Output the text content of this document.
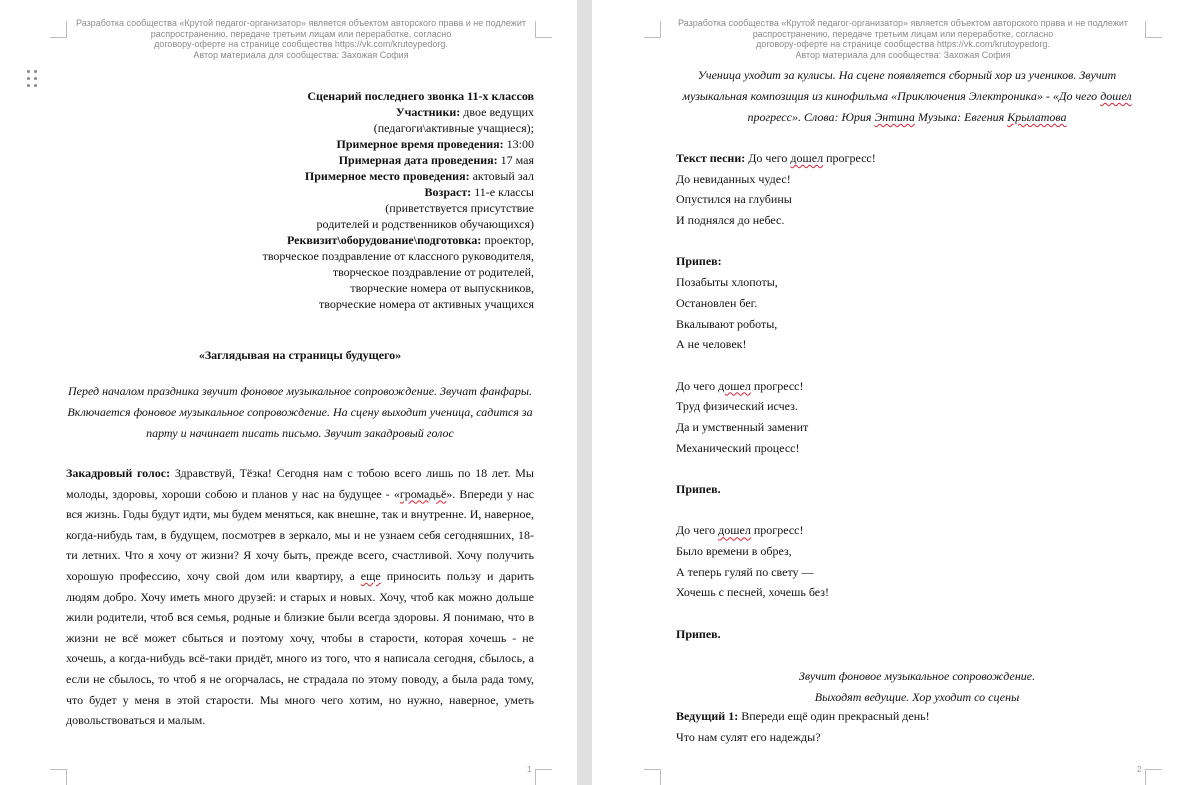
Разработка сообщества «Крутой педагог-организатор» является объектом авторского права и не подлежит
распространению, передаче третьим лицам или переработке, согласно
договору-оферте на странице сообщества https://vk.com/krutoypedorg.
Автор материала для сообщества: Захожая София
Сценарий последнего звонка 11-х классов
Участники: двое ведущих
(педагоги\активные учащиеся);
Примерное время проведения: 13:00
Примерная дата проведения: 17 мая
Примерное место проведения: актовый зал
Возраст: 11-е классы
(приветствуется присутствие
родителей и родственников обучающихся)
Реквизит\оборудование\подготовка: проектор,
творческое поздравление от классного руководителя,
творческое поздравление от родителей,
творческие номера от выпускников,
творческие номера от активных учащихся
«Заглядывая на страницы будущего»
Перед началом праздника звучит фоновое музыкальное сопровождение. Звучат фанфары. Включается фоновое музыкальное сопровождение. На сцену выходит ученица, садится за парту и начинает писать письмо. Звучит закадровый голос
Закадровый голос: Здравствуй, Тёзка! Сегодня нам с тобою всего лишь по 18 лет. Мы молоды, здоровы, хороши собою и планов у нас на будущее - «громадьё». Впереди у нас вся жизнь. Годы будут идти, мы будем меняться, как внешне, так и внутренне. И, наверное, когда-нибудь там, в будущем, посмотрев в зеркало, мы и не узнаем себя сегодняшних, 18-ти летних. Что я хочу от жизни? Я хочу быть, прежде всего, счастливой. Хочу получить хорошую профессию, хочу свой дом или квартиру, а еще приносить пользу и дарить людям добро. Хочу иметь много друзей: и старых и новых. Хочу, чтоб как можно дольше жили родители, чтоб вся семья, родные и близкие были всегда здоровы. Я понимаю, что в жизни не всё может сбыться и поэтому хочу, чтобы в старости, которая хочешь - не хочешь, а когда-нибудь всё-таки придёт, много из того, что я написала сегодня, сбылось, а если не сбылось, то чтоб я не огорчалась, не страдала по этому поводу, а была рада тому, что будет у меня в этой старости. Мы много чего хотим, но нужно, наверное, уметь довольствоваться и малым.
1
Разработка сообщества «Крутой педагог-организатор» является объектом авторского права и не подлежит
распространению, передаче третьим лицам или переработке, согласно
договору-оферте на странице сообщества https://vk.com/krutoypedorg.
Автор материала для сообщества: Захожая София
Ученица уходит за кулисы. На сцене появляется сборный хор из учеников. Звучит
музыкальная композиция из кинофильма «Приключения Электроника» - «До чего дошел
прогресс». Слова: Юрия Энтина Музыка: Евгения Крылатова
Текст песни: До чего дошел прогресс!
До невиданных чудес!
Опустился на глубины
И поднялся до небес.
Припев:
Позабыты хлопоты,
Остановлен бег.
Вкалывают роботы,
А не человек!
До чего дошел прогресс!
Труд физический исчез.
Да и умственный заменит
Механический процесс!
Припев.
До чего дошел прогресс!
Было времени в обрез,
А теперь гуляй по свету —
Хочешь с песней, хочешь без!
Припев.
Звучит фоновое музыкальное сопровождение.
Выходят ведущие. Хор уходит со сцены
Ведущий 1: Впереди ещё один прекрасный день!
Что нам сулят его надежды?
2
